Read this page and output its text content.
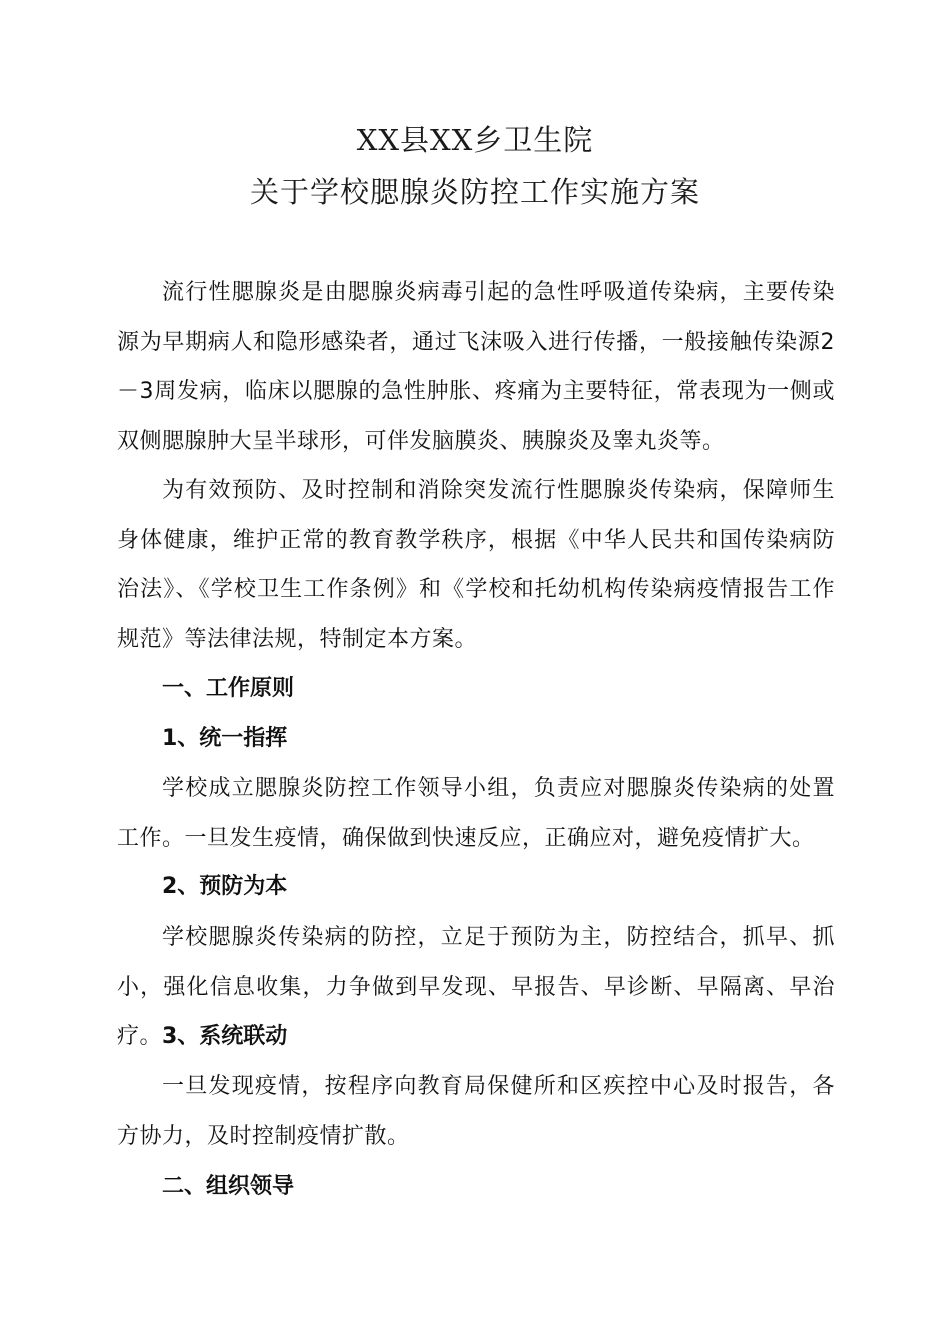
XX县XX乡卫生院
关于学校腮腺炎防控工作实施方案

流行性腮腺炎是由腮腺炎病毒引起的急性呼吸道传染病，主要传染源为早期病人和隐形感染者，通过飞沫吸入进行传播，一般接触传染源2－3周发病，临床以腮腺的急性肿胀、疼痛为主要特征，常表现为一侧或双侧腮腺肿大呈半球形，可伴发脑膜炎、胰腺炎及睾丸炎等。

为有效预防、及时控制和消除突发流行性腮腺炎传染病，保障师生身体健康，维护正常的教育教学秩序，根据《中华人民共和国传染病防治法》、《学校卫生工作条例》和《学校和托幼机构传染病疫情报告工作规范》等法律法规，特制定本方案。

一、工作原则
1、统一指挥

学校成立腮腺炎防控工作领导小组，负责应对腮腺炎传染病的处置工作。一旦发生疫情，确保做到快速反应，正确应对，避免疫情扩大。

2、预防为本

学校腮腺炎传染病的防控，立足于预防为主，防控结合，抓早、抓小，强化信息收集，力争做到早发现、早报告、早诊断、早隔离、早治疗。 3、系统联动

一旦发现疫情，按程序向教育局保健所和区疾控中心及时报告，各方协力，及时控制疫情扩散。

二、组织领导
